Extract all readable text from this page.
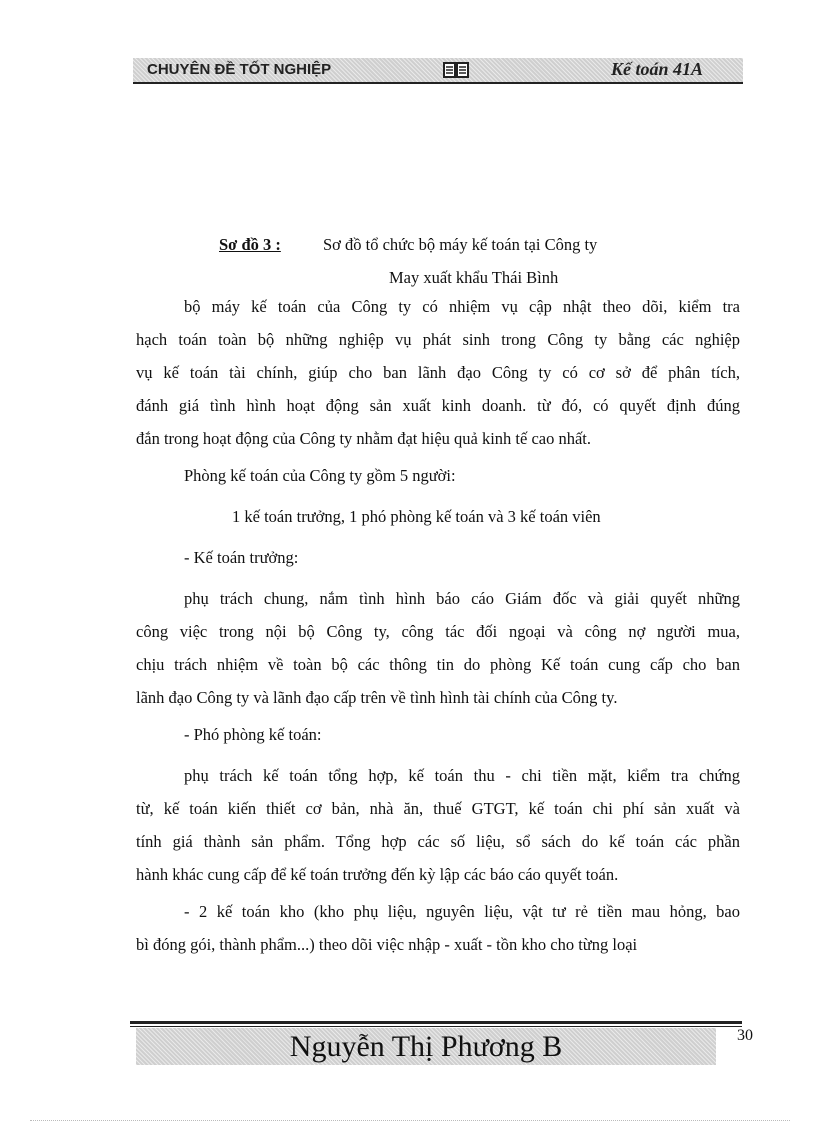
CHUYÊN ĐỀ TỐT NGHIỆP	Kế toán 41A
Sơ đồ 3 :	Sơ đồ tổ chức bộ máy kế toán tại Công ty
May xuất khẩu Thái Bình
bộ máy kế toán của Công ty có nhiệm vụ cập nhật theo dõi, kiểm tra
hạch toán toàn bộ những nghiệp vụ phát sinh trong Công ty bằng các nghiệp
vụ kế toán tài chính, giúp cho ban lãnh đạo Công ty có cơ sở để phân tích,
đánh giá tình hình hoạt động sản xuất kinh doanh. từ đó, có quyết định đúng
đắn trong hoạt động của Công ty nhằm đạt hiệu quả kinh tế cao nhất.
Phòng kế toán của Công ty gồm 5 người:
1 kế toán trưởng, 1 phó phòng kế toán và 3 kế toán viên
- Kế toán trưởng:
phụ trách chung, nắm tình hình báo cáo Giám đốc và giải quyết những
công việc trong nội bộ Công ty, công tác đối ngoại và công nợ người mua,
chịu trách nhiệm về toàn bộ các thông tin do phòng Kế toán cung cấp cho ban
lãnh đạo Công ty và lãnh đạo cấp trên về tình hình tài chính của Công ty.
- Phó phòng kế toán:
phụ trách kế toán tổng hợp, kế toán thu - chi tiền mặt, kiểm tra chứng
từ, kế toán kiến thiết cơ bản, nhà ăn, thuế GTGT, kế toán chi phí sản xuất và
tính giá thành sản phẩm. Tổng hợp các số liệu, sổ sách do kế toán các phần
hành khác cung cấp để kế toán trưởng đến kỳ lập các báo cáo quyết toán.
- 2 kế toán kho (kho phụ liệu, nguyên liệu, vật tư rẻ tiền mau hỏng, bao
bì đóng gói, thành phẩm...) theo dõi việc nhập - xuất - tồn kho cho từng loại
Nguyễn Thị Phương B	30
